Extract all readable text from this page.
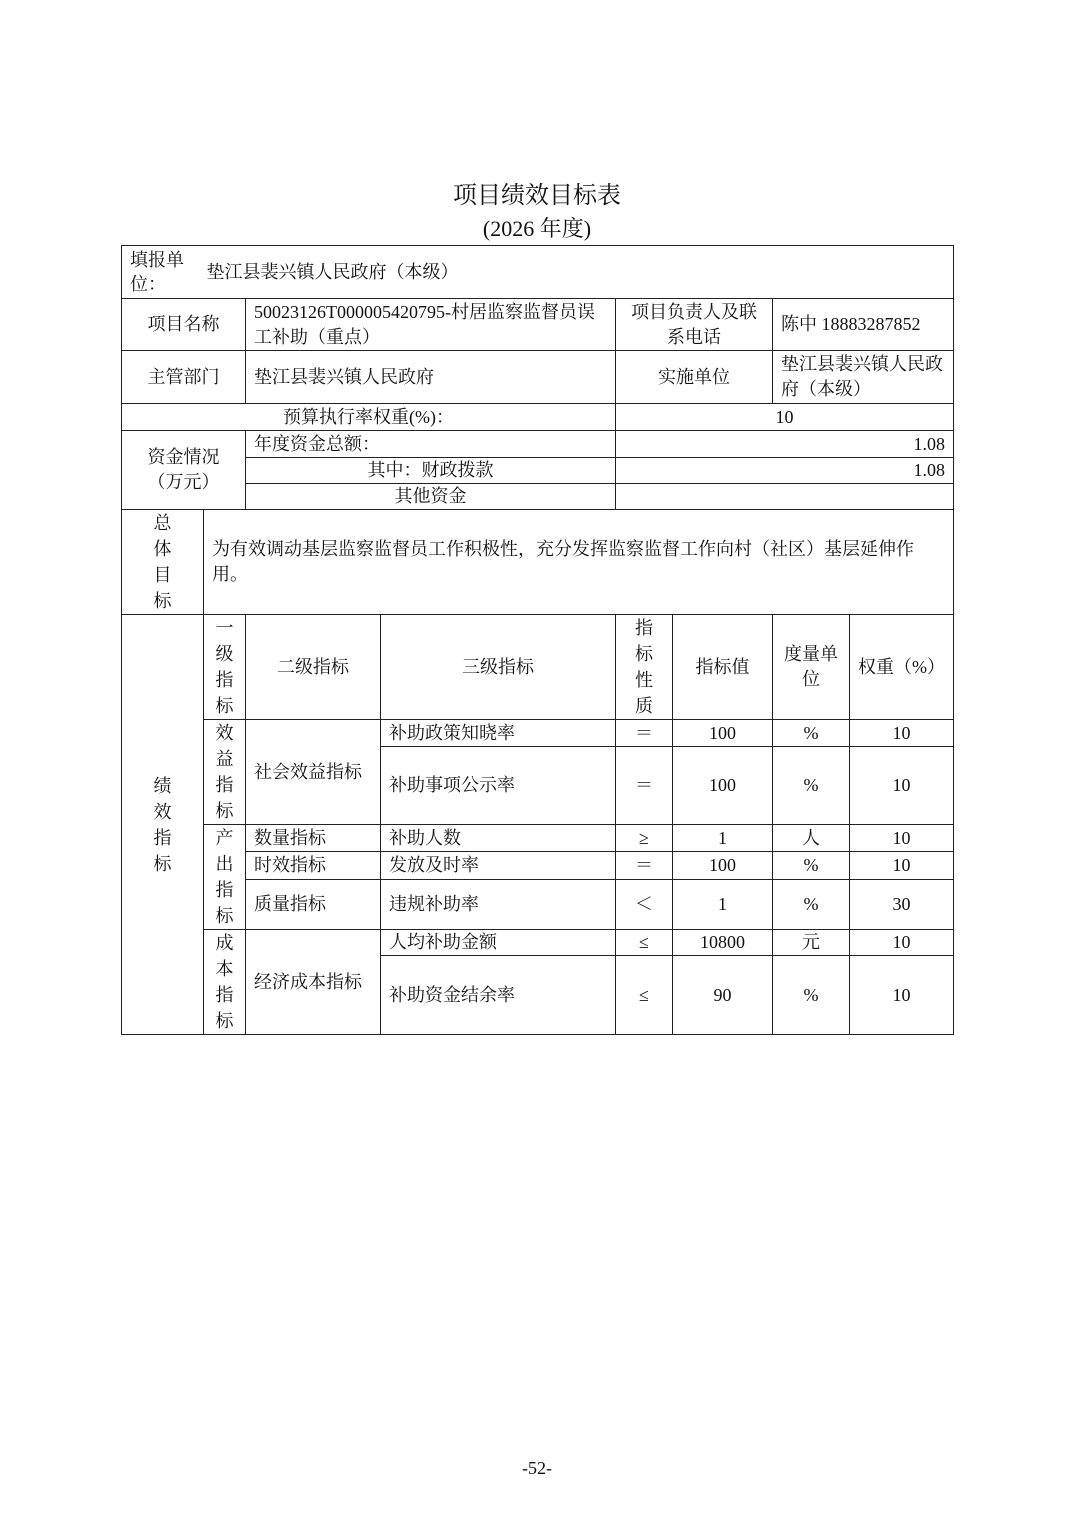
项目绩效目标表
(2026 年度)
填报单位： 垫江县裴兴镇人民政府（本级）							
项目名称		50023126T000005420795-村居监察监督员误工补助（重点）		项目负责人及联系电话		陈中 18883287852	
主管部门		垫江县裴兴镇人民政府		实施单位		垫江县裴兴镇人民政府（本级）	
预算执行率权重(%)：				10			
资金情况（万元）		年度资金总额：		1.08			
		其中：财政拨款		1.08			
		其他资金					
总体目标	为有效调动基层监察监督员工作积极性，充分发挥监察监督工作向村（社区）基层延伸作用。						
绩效指标	一级指标	二级指标	三级指标	指标性质	指标值	度量单位	权重（%）
	效益指标	社会效益指标	补助政策知晓率	＝	100	%	10
			补助事项公示率	＝	100	%	10
	产出指标	数量指标	补助人数	≥	1	人	10
		时效指标	发放及时率	＝	100	%	10
		质量指标	违规补助率	＜	1	%	30
	成本指标	经济成本指标	人均补助金额	≤	10800	元	10
			补助资金结余率	≤	90	%	10
-52-
